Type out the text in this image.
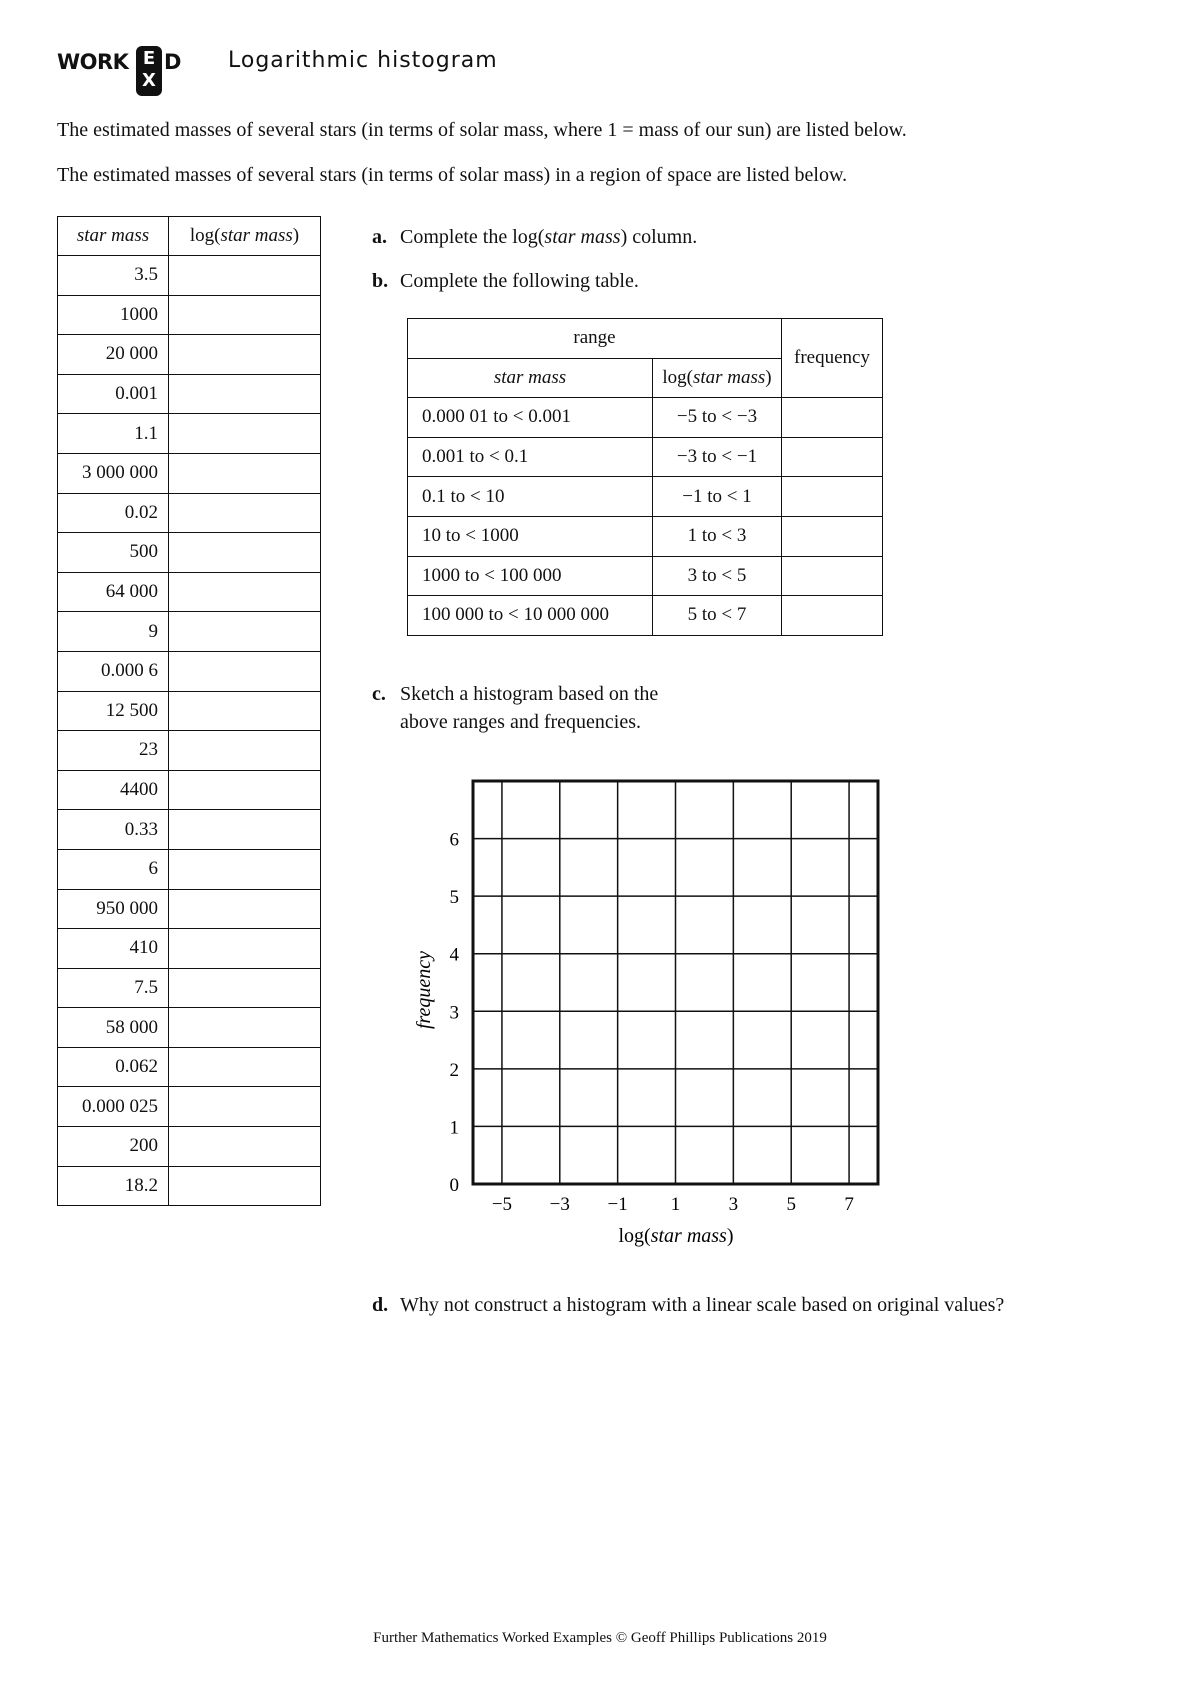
WORK E
X
D Logarithmic histogram
The estimated masses of several stars (in terms of solar mass, where 1 = mass of our sun) are listed below.
The estimated masses of several stars (in terms of solar mass) in a region of space are listed below.
star mass	log(star mass)
3.5	
1000	
20 000	
0.001	
1.1	
3 000 000	
0.02	
500	
64 000	
9	
0.000 6	
12 500	
23	
4400	
0.33	
6	
950 000	
410	
7.5	
58 000	
0.062	
0.000 025	
200	
18.2	
a. Complete the log(star mass) column.
b. Complete the following table.
range		frequency
star mass	log(star mass)	
0.000 01 to < 0.001	−5 to < −3	
0.001 to < 0.1	−3 to < −1	
0.1 to < 10	−1 to < 1	
10 to < 1000	1 to < 3	
1000 to < 100 000	3 to < 5	
100 000 to < 10 000 000	5 to < 7	
c. Sketch a histogram based on the
above ranges and frequencies.
0
1
2
3
4
5
6
−5 −3 −1 1	3	5	7
log(star mass)
frequency
d. Why not construct a histogram with a linear scale based on original values?
Further Mathematics Worked Examples © Geoff Phillips Publications 2019
